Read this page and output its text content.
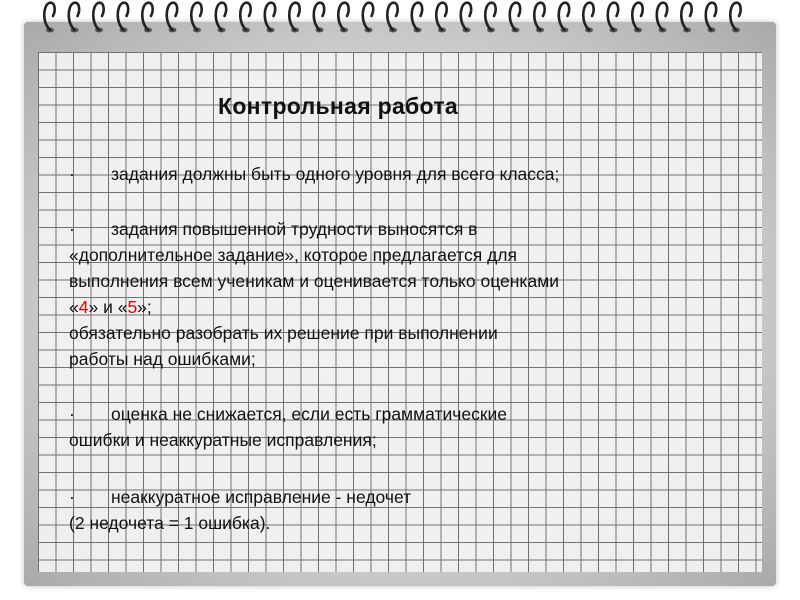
Контрольная работа
· задания должны быть одного уровня для всего класса;
· задания повышенной трудности выносятся в
«дополнительное задание», которое предлагается для
выполнения всем ученикам и оценивается только оценками
«4» и «5»;
обязательно разобрать их решение при выполнении
работы над ошибками;
· оценка не снижается, если есть грамматические
ошибки и неаккуратные исправления;
· неаккуратное исправление - недочет
(2 недочета = 1 ошибка).
